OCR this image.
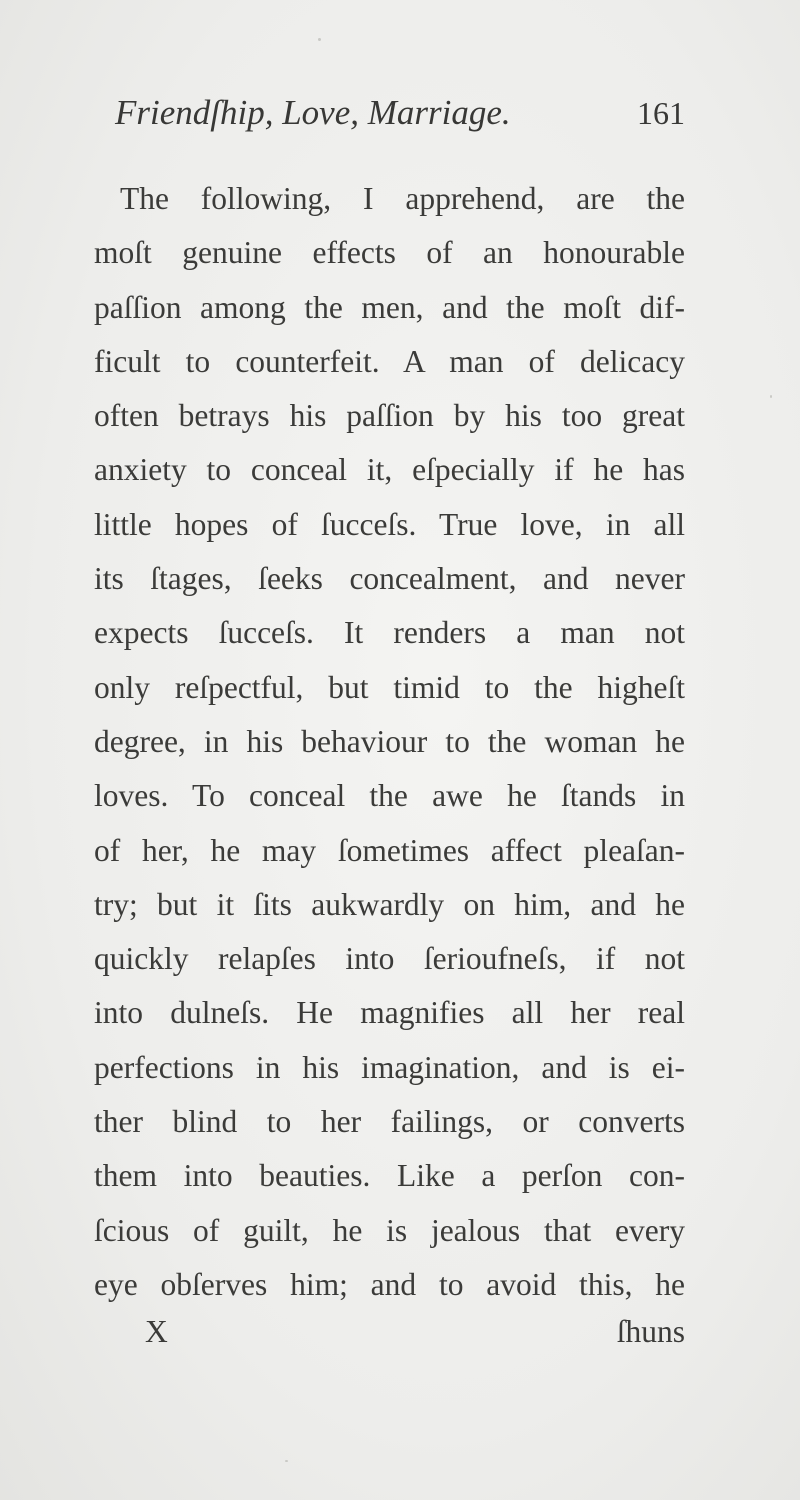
Friendſhip, Love, Marriage.	161
The following, I apprehend, are the
moſt genuine effects of an honourable
paſſion among the men, and the moſt dif-
ficult to counterfeit. A man of delicacy
often betrays his paſſion by his too great
anxiety to conceal it, eſpecially if he has
little hopes of ſucceſs. True love, in all
its ſtages, ſeeks concealment, and never
expects ſucceſs. It renders a man not
only reſpectful, but timid to the higheſt
degree, in his behaviour to the woman he
loves. To conceal the awe he ſtands in
of her, he may ſometimes affect pleaſan-
try; but it ſits aukwardly on him, and he
quickly relapſes into ſerioufneſs, if not
into dulneſs. He magnifies all her real
perfections in his imagination, and is ei-
ther blind to her failings, or converts
them into beauties. Like a perſon con-
ſcious of guilt, he is jealous that every
eye obſerves him; and to avoid this, he
X	ſhuns
